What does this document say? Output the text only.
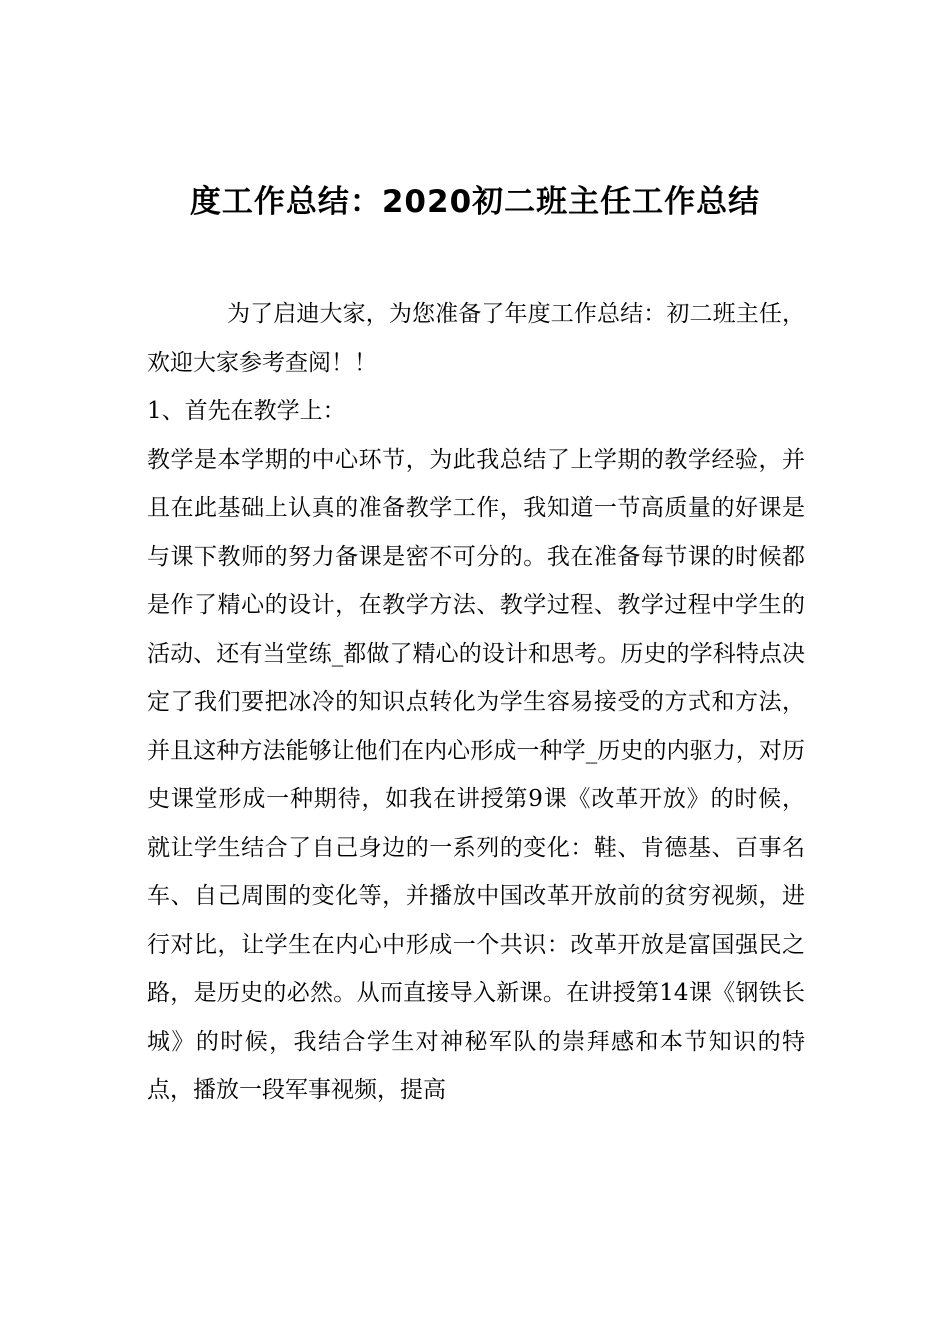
度工作总结：2020初二班主任工作总结

为了启迪大家，为您准备了年度工作总结：初二班主任，欢迎大家参考查阅！！

1、首先在教学上：

教学是本学期的中心环节，为此我总结了上学期的教学经验，并且在此基础上认真的准备教学工作，我知道一节高质量的好课是与课下教师的努力备课是密不可分的。我在准备每节课的时候都是作了精心的设计，在教学方法、教学过程、教学过程中学生的活动、还有当堂练_都做了精心的设计和思考。历史的学科特点决定了我们要把冰冷的知识点转化为学生容易接受的方式和方法，并且这种方法能够让他们在内心形成一种学_历史的内驱力，对历史课堂形成一种期待，如我在讲授第9课《改革开放》的时候，就让学生结合了自己身边的一系列的变化：鞋、肯德基、百事名车、自己周围的变化等，并播放中国改革开放前的贫穷视频，进行对比，让学生在内心中形成一个共识：改革开放是富国强民之路，是历史的必然。从而直接导入新课。在讲授第14课《钢铁长城》的时候，我结合学生对神秘军队的崇拜感和本节知识的特点，播放一段军事视频，提高
